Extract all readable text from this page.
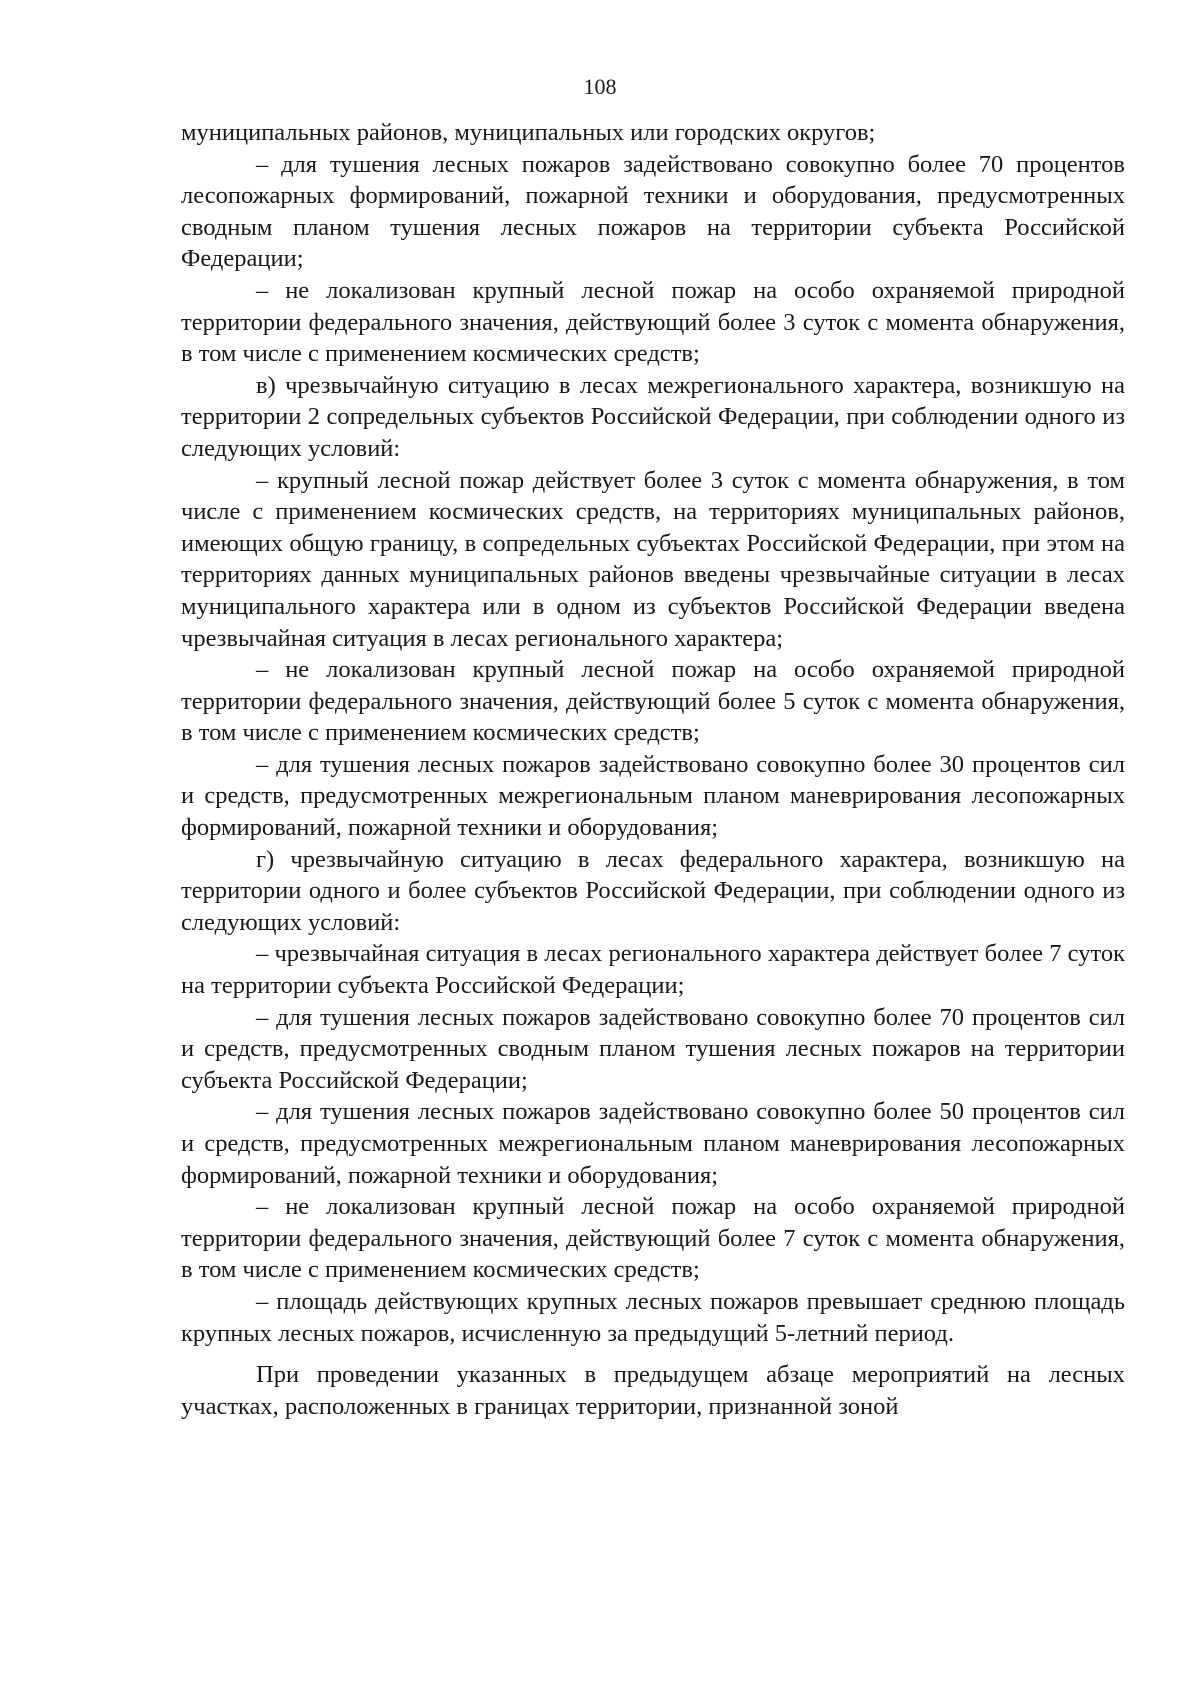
108

муниципальных районов, муниципальных или городских округов;

– для тушения лесных пожаров задействовано совокупно более 70 процентов лесопожарных формирований, пожарной техники и оборудования, предусмотренных сводным планом тушения лесных пожаров на территории субъекта Российской Федерации;

– не локализован крупный лесной пожар на особо охраняемой природной территории федерального значения, действующий более 3 суток с момента обнаружения, в том числе с применением космических средств;

в) чрезвычайную ситуацию в лесах межрегионального характера, возникшую на территории 2 сопредельных субъектов Российской Федерации, при соблюдении одного из следующих условий:

– крупный лесной пожар действует более 3 суток с момента обнаружения, в том числе с применением космических средств, на территориях муниципальных районов, имеющих общую границу, в сопредельных субъектах Российской Федерации, при этом на территориях данных муниципальных районов введены чрезвычайные ситуации в лесах муниципального характера или в одном из субъектов Российской Федерации введена чрезвычайная ситуация в лесах регионального характера;

– не локализован крупный лесной пожар на особо охраняемой природной территории федерального значения, действующий более 5 суток с момента обнаружения, в том числе с применением космических средств;

– для тушения лесных пожаров задействовано совокупно более 30 процентов сил и средств, предусмотренных межрегиональным планом маневрирования лесопожарных формирований, пожарной техники и оборудования;

г) чрезвычайную ситуацию в лесах федерального характера, возникшую на территории одного и более субъектов Российской Федерации, при соблюдении одного из следующих условий:

– чрезвычайная ситуация в лесах регионального характера действует более 7 суток на территории субъекта Российской Федерации;

– для тушения лесных пожаров задействовано совокупно более 70 процентов сил и средств, предусмотренных сводным планом тушения лесных пожаров на территории субъекта Российской Федерации;

– для тушения лесных пожаров задействовано совокупно более 50 процентов сил и средств, предусмотренных межрегиональным планом маневрирования лесопожарных формирований, пожарной техники и оборудования;

– не локализован крупный лесной пожар на особо охраняемой природной территории федерального значения, действующий более 7 суток с момента обнаружения, в том числе с применением космических средств;

– площадь действующих крупных лесных пожаров превышает среднюю площадь крупных лесных пожаров, исчисленную за предыдущий 5-летний период.

При проведении указанных в предыдущем абзаце мероприятий на лесных участках, расположенных в границах территории, признанной зоной
